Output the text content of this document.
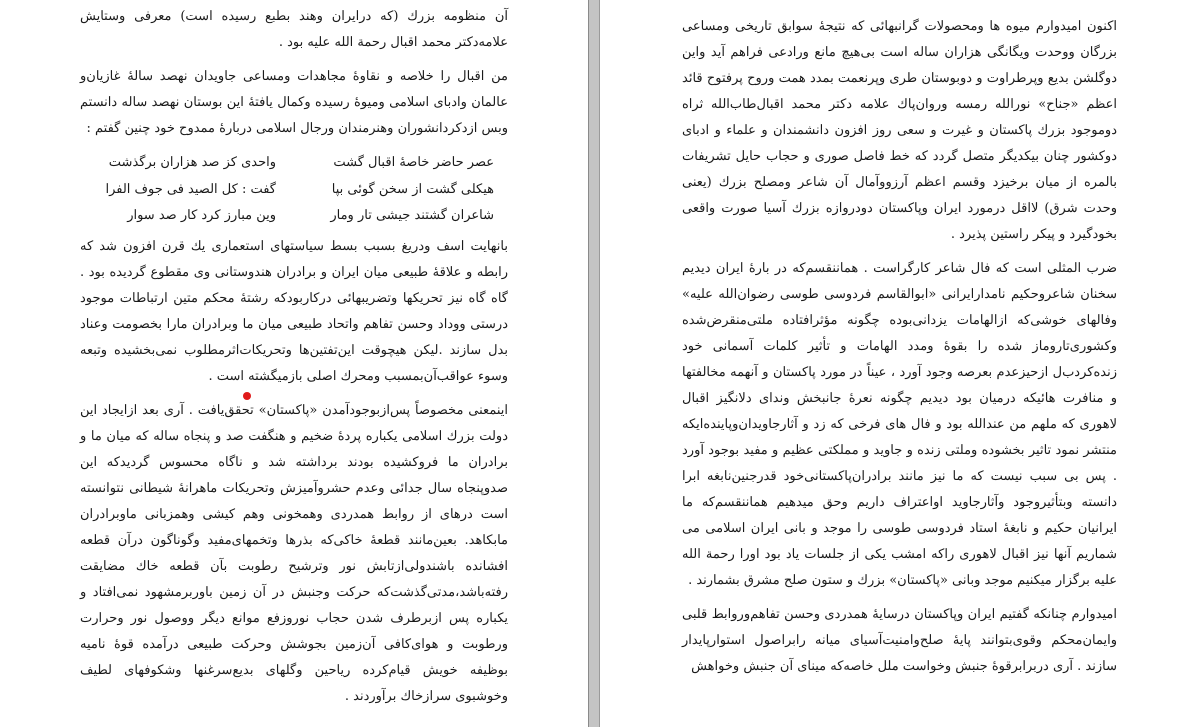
آن منظومه بزرك (كه درايران وهند بطبع رسيده است) معرفى وستايش علامه‌دكتر محمد اقبال رحمة الله عليه بود .

من اقبال را خلاصه و نقاوهٔ مجاهدات ومساعى جاويدان نهصد سالهٔ غازيان‌و عالمان وادباى اسلامى وميوهٔ رسيده وكمال يافتهٔ اين بوستان نهصد ساله دانستم وبس ازدكردانشوران وهنرمندان ورجال اسلامى دربارهٔ ممدوح خود چنين گفتم :

عصر حاضر خاصهٔ اقبال گشت
واحدى كز صد هزاران برگذشت
هيكلى گشت از سخن گوئى بپا
گفت : كل الصيد فى جوف الفرا
شاعران گشتند جيشى تار ومار
وين مبارز كرد كار صد سوار

بانهايت اسف ودريغ بسبب بسط سياستهاى استعمارى يك قرن افزون شد كه رابطه و علاقهٔ طبيعى ميان ايران و برادران هندوستانى وى مقطوع گرديده بود . گاه گاه نيز تحريكها وتضريبهائى دركاربودكه رشتهٔ محكم متين ارتباطات موجود درستى ووداد وحسن تفاهم واتحاد طبيعى ميان ما وبرادران مارا بخصومت وعناد بدل سازند .ليكن هيچوقت اين‌تفتين‌ها وتحريكات‌اثرمطلوب نمى‌بخشيده وتبعه وسوء عواقب‌آن‌بمسبب ومحرك اصلى بازميگشته است .

اينمعنى مخصوصاً پس‌ازبوجودآمدن «پاكستان» تحقق‌يافت . آرى بعد ازايجاد اين دولت بزرك اسلامى يكباره پردهٔ ضخيم و هنگفت صد و پنجاه ساله كه ميان ما و برادران ما فروكشيده بودند برداشته شد و ناگاه محسوس گرديدكه اين صدوپنجاه سال جدائى وعدم حشروآميزش وتحريكات ماهرانهٔ شيطانى نتوانسته است درهاى از روابط همدردى وهمخونى وهم كيشى وهمزبانى ماوبرادران مابكاهد. بعين‌مانند قطعهٔ خاكى‌كه بذرها وتخمهاى‌مفيد وگوناگون درآن قطعه افشانده باشندولى‌ازتابش نور وترشيح رطوبت بآن قطعه خاك مضايقت رفته‌باشد،مدتى‌گذشت‌كه حركت وجنبش در آن زمين باوربرمشهود نمى‌افتاد و يكباره پس ازبرطرف شدن حجاب نوروزفع موانع ديگر ووصول نور وحرارت ورطوبت و هواى‌كافى آن‌زمين بجوشش وحركت طبيعى درآمده قوهٔ ناميه بوظيفه خويش قيام‌كرده رياحين وگلهاى بديع‌سرغنها وشكوفهاى لطيف وخوشبوى سرازخاك برآوردند .

اكنون اميدوارم ميوه ها ومحصولات گرانبهائى كه نتيجهٔ سوابق تاريخى ومساعى بزرگان ووحدت ويگانگى هزاران ساله است بى‌هيچ مانع ورادعى فراهم آيد واين دوگلشن بديع وپرطراوت و دوبوستان طرى وپرنعمت بمدد همت وروح پرفتوح قائد اعظم «جناح» نورالله رمسه وروان‌پاك علامه دكتر محمد اقبال‌طاب‌الله ثراه دوموجود بزرك پاكستان و غيرت و سعى روز افزون دانشمندان و علماء و ادباى دوكشور چنان بيكديگر متصل گردد كه خط فاصل صورى و حجاب حايل تشريفات بالمره از ميان برخيزد وقسم اعظم آرزووآمال آن شاعر ومصلح بزرك (يعنى وحدت شرق) لااقل درمورد ايران وپاكستان دودروازه بزرك آسيا صورت واقعى بخودگيرد و پيكر راستين پذيرد .

ضرب المثلى است كه فال شاعر كارگراست . هماننقسم‌كه در بارهٔ ايران ديديم سخنان شاعروحكيم نامدارايرانى «ابوالقاسم فردوسى طوسى رضوان‌الله عليه» وفالهاى خوشى‌كه ازالهامات يزدانى‌بوده چگونه مؤثرافتاده ملتى‌منقرض‌شده وكشورى‌تاروماز شده را بقوهٔ ومدد الهامات و تأثير كلمات آسمانى خود زنده‌كرد‌ب‌ل ازحيزعدم بعرصه وجود آورد ، عيناً در مورد پاكستان و آنهمه مخالفتها و منافرت هائيكه درميان بود ديديم چگونه نعرهٔ جانبخش ونداى دلانگيز اقبال لاهورى كه ملهم من عندالله بود و فال هاى فرخى كه زد و آثارجاويدان‌وپاينده‌ايكه منتشر نمود تاثير بخشوده وملتى زنده و جاويد و مملكتى عظيم و مفيد بوجود آورد . پس بى سبب نيست كه ما نيز مانند برادران‌پاكستانى‌خود قدرجنين‌نابغه ابرا دانسته وبتأثيروجود وآثارجاويد اواعتراف داريم وحق ميدهيم هماننقسم‌كه ما ايرانيان حكيم و نابغهٔ استاد فردوسى طوسى را موجد و بانى ايران اسلامى مى شماريم آنها نيز اقبال لاهورى راكه امشب يكى از جلسات ياد بود اورا رحمة الله عليه برگزار ميكنيم موجد وبانى «پاكستان» بزرك و ستون صلح مشرق بشمارند .

اميدوارم چنانكه گفتيم ايران وپاكستان درسايهٔ همدردى وحسن تفاهم‌وروابط قلبى وايمان‌محكم وقوى‌بتوانند پايهٔ صلح‌وامنيت‌آسياى ميانه رابراصول استوارپايدار سازند . آرى دربرابرقوهٔ جنبش وخواست ملل خاصه‌كه ميناى آن جنبش وخواهش
